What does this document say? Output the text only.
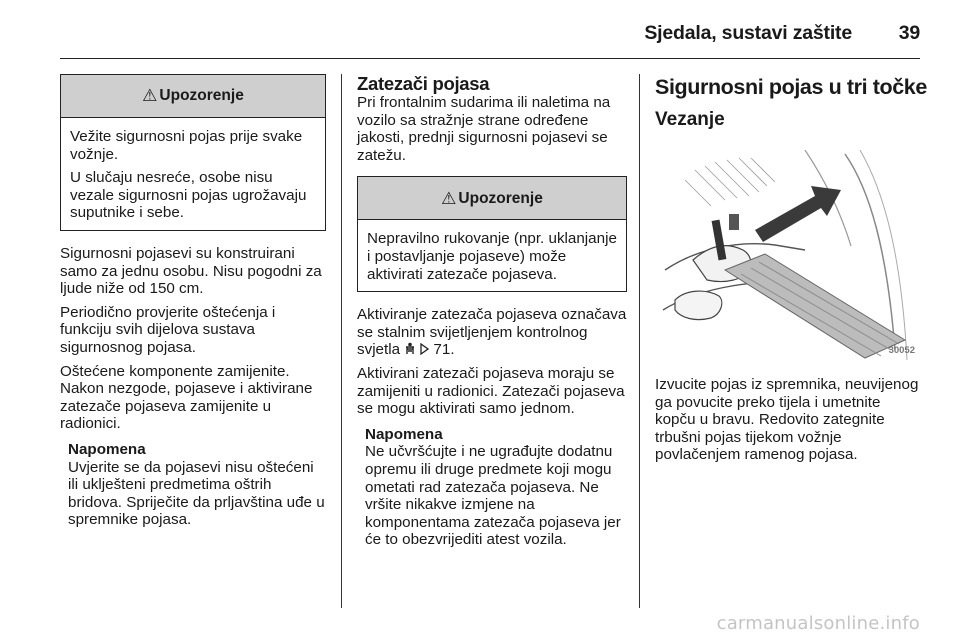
Sjedala, sustavi zaštite	39
⚠ Upozorenje

Vežite sigurnosni pojas prije svake vožnje.

U slučaju nesreće, osobe nisu vezale sigurnosni pojas ugrožavaju suputnike i sebe.

Sigurnosni pojasevi su konstruirani samo za jednu osobu. Nisu pogodni za ljude niže od 150 cm.

Periodično provjerite oštećenja i funkciju svih dijelova sustava sigurnosnog pojasa.

Oštećene komponente zamijenite. Nakon nezgode, pojaseve i aktivirane zatezače pojaseva zamijenite u radionici.

Napomena

Uvjerite se da pojasevi nisu oštećeni ili uklješteni predmetima oštrih bridova. Spriječite da prljavština uđe u spremnike pojasa.

Zatezači pojasa

Pri frontalnim sudarima ili naletima na vozilo sa stražnje strane određene jakosti, prednji sigurnosni pojasevi se zatežu.

⚠ Upozorenje

Nepravilno rukovanje (npr. uklanjanje i postavljanje pojaseve) može aktivirati zatezače pojaseva.

Aktiviranje zatezača pojaseva označava se stalnim svijetljenjem kontrolnog svjetla 71.

Aktivirani zatezači pojaseva moraju se zamijeniti u radionici. Zatezači pojaseva se mogu aktivirati samo jednom.

Napomena

Ne učvršćujte i ne ugrađujte dodatnu opremu ili druge predmete koji mogu ometati rad zatezača pojaseva. Ne vršite nikakve izmjene na komponentama zatezača pojaseva jer će to obezvrijediti atest vozila.

Sigurnosni pojas u tri točke

Vezanje

30052

Izvucite pojas iz spremnika, neuvijenog ga povucite preko tijela i umetnite kopču u bravu. Redovito zategnite trbušni pojas tijekom vožnje povlačenjem ramenog pojasa.

carmanualsonline.info
